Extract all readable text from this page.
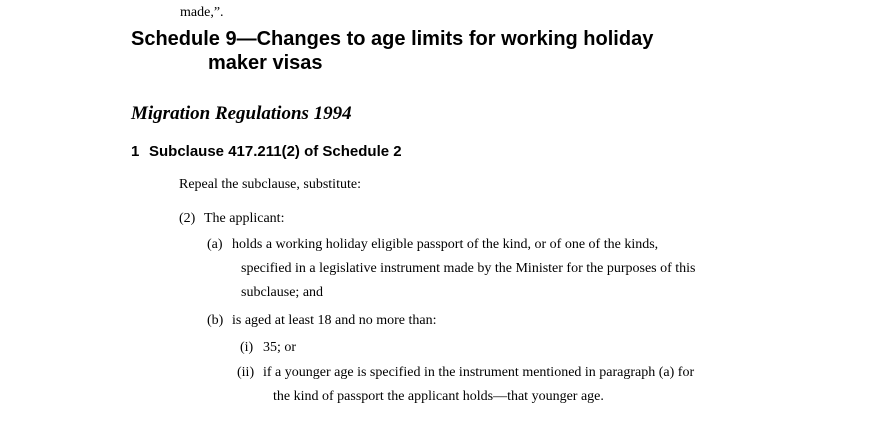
made,”.
Schedule 9—Changes to age limits for working holiday
maker visas
Migration Regulations 1994
1 Subclause 417.211(2) of Schedule 2
Repeal the subclause, substitute:
(2) The applicant:
(a) holds a working holiday eligible passport of the kind, or of one of the kinds,
specified in a legislative instrument made by the Minister for the purposes of this
subclause; and
(b) is aged at least 18 and no more than:
(i) 35; or
(ii) if a younger age is specified in the instrument mentioned in paragraph (a) for
the kind of passport the applicant holds—that younger age.
